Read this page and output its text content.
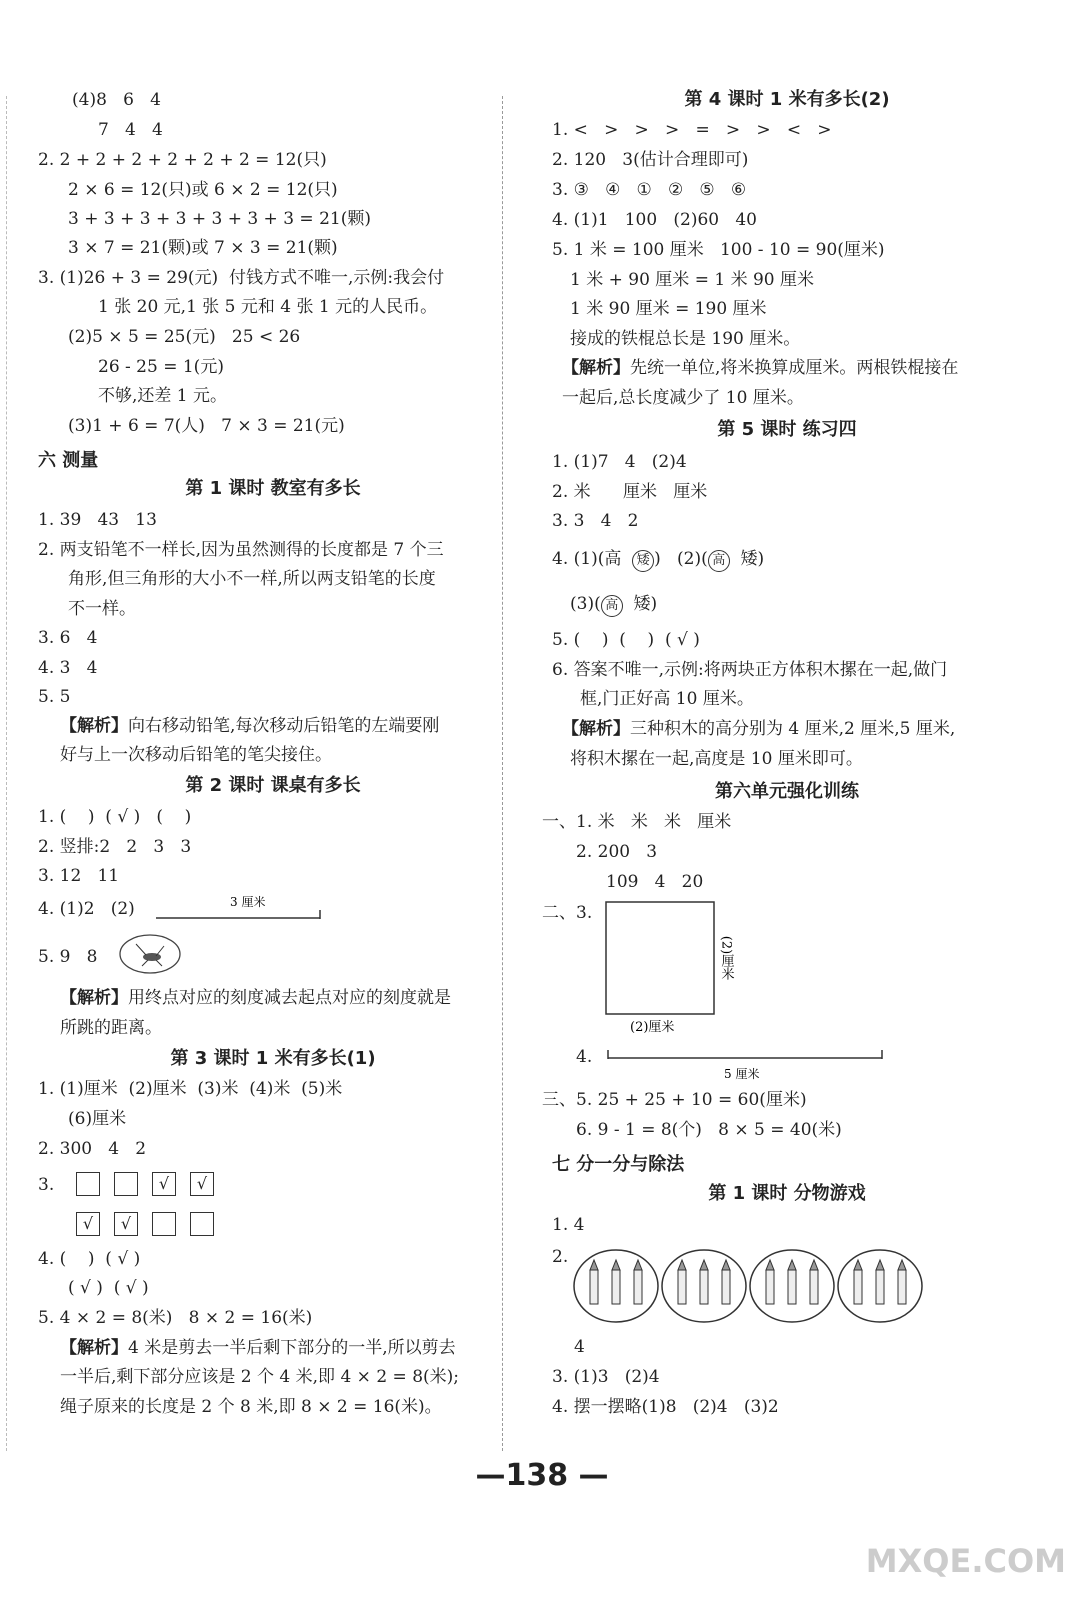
(4)8   6   4
7   4   4
2. 2 + 2 + 2 + 2 + 2 + 2 = 12(只)
2 × 6 = 12(只)或 6 × 2 = 12(只)
3 + 3 + 3 + 3 + 3 + 3 + 3 = 21(颗)
3 × 7 = 21(颗)或 7 × 3 = 21(颗)
3. (1)26 + 3 = 29(元)  付钱方式不唯一,示例:我会付
1 张 20 元,1 张 5 元和 4 张 1 元的人民币。
(2)5 × 5 = 25(元)   25 < 26
26 - 25 = 1(元)
不够,还差 1 元。
(3)1 + 6 = 7(人)   7 × 3 = 21(元)
六 测量
第 1 课时 教室有多长
1. 39   43   13
2. 两支铅笔不一样长,因为虽然测得的长度都是 7 个三
角形,但三角形的大小不一样,所以两支铅笔的长度
不一样。
3. 6   4
4. 3   4
5. 5
【解析】向右移动铅笔,每次移动后铅笔的左端要刚
好与上一次移动后铅笔的笔尖接住。
第 2 课时 课桌有多长
1. (    )  ( √ )   (    )
2. 竖排:2   2   3   3
3. 12   11
4. (1)2   (2)	3 厘米
5. 9   8
【解析】用终点对应的刻度减去起点对应的刻度就是
所跳的距离。
第 3 课时 1 米有多长(1)
1. (1)厘米  (2)厘米  (3)米  (4)米  (5)米
(6)厘米
2. 300   4   2
3.	√ √
√ √
4. (    )  ( √ )
( √ )  ( √ )
5. 4 × 2 = 8(米)   8 × 2 = 16(米)
【解析】4 米是剪去一半后剩下部分的一半,所以剪去
一半后,剩下部分应该是 2 个 4 米,即 4 × 2 = 8(米);
绳子原来的长度是 2 个 8 米,即 8 × 2 = 16(米)。
第 4 课时 1 米有多长(2)
1. <   >   >   >   =   >   >   <   >
2. 120   3(估计合理即可)
3. ③   ④   ①   ②   ⑤   ⑥
4. (1)1   100   (2)60   40
5. 1 米 = 100 厘米   100 - 10 = 90(厘米)
1 米 + 90 厘米 = 1 米 90 厘米
1 米 90 厘米 = 190 厘米
接成的铁棍总长是 190 厘米。
【解析】先统一单位,将米换算成厘米。两根铁棍接在
一起后,总长度减少了 10 厘米。
第 5 课时 练习四
1. (1)7   4   (2)4
2. 米      厘米   厘米
3. 3   4   2
4. (1)(高 矮 )   (2)( 高 矮)
(3)( 高 矮)
5. (    )  (    )  ( √ )
6. 答案不唯一,示例:将两块正方体积木摞在一起,做门
框,门正好高 10 厘米。
【解析】三种积木的高分别为 4 厘米,2 厘米,5 厘米,
将积木摞在一起,高度是 10 厘米即可。
第六单元强化训练
一、1. 米   米   米   厘米
2. 200   3
109   4   20
二、3.
(2)厘米
(2)厘米
4.
5 厘米
三、5. 25 + 25 + 10 = 60(厘米)
6. 9 - 1 = 8(个)   8 × 5 = 40(米)
七 分一分与除法
第 1 课时 分物游戏
1. 4
2.
4
3. (1)3   (2)4
4. 摆一摆略(1)8   (2)4   (3)2
—138 —
MXQE.COM
